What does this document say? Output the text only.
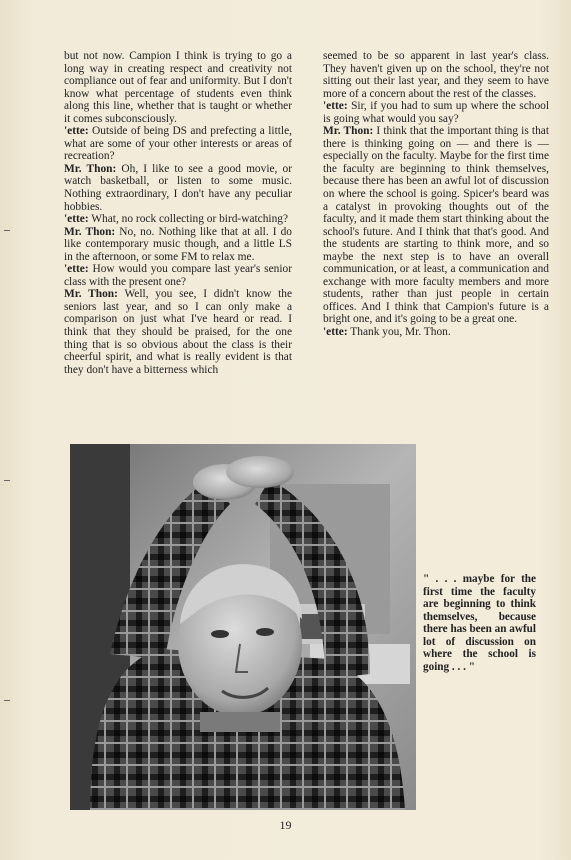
but not now. Campion I think is trying to go a long way in creating respect and creativity not compliance out of fear and uniformity. But I don't know what percentage of students even think along this line, whether that is taught or whether it comes subconsciously.

'ette: Outside of being DS and prefecting a little, what are some of your other interests or areas of recreation?

Mr. Thon: Oh, I like to see a good movie, or watch basketball, or listen to some music. Nothing extraordinary, I don't have any peculiar hobbies.

'ette: What, no rock collecting or bird-watching?

Mr. Thon: No, no. Nothing like that at all. I do like contemporary music though, and a little LS in the afternoon, or some FM to relax me.

'ette: How would you compare last year's senior class with the present one?

Mr. Thon: Well, you see, I didn't know the seniors last year, and so I can only make a comparison on just what I've heard or read. I think that they should be praised, for the one thing that is so obvious about the class is their cheerful spirit, and what is really evident is that they don't have a bitterness which

seemed to be so apparent in last year's class. They haven't given up on the school, they're not sitting out their last year, and they seem to have more of a concern about the rest of the classes.

'ette: Sir, if you had to sum up where the school is going what would you say?

Mr. Thon: I think that the important thing is that there is thinking going on — and there is — especially on the faculty. Maybe for the first time the faculty are beginning to think themselves, because there has been an awful lot of discussion on where the school is going. Spicer's beard was a catalyst in provoking thoughts out of the faculty, and it made them start thinking about the school's future. And I think that that's good. And the students are starting to think more, and so maybe the next step is to have an overall communication, or at least, a communication and exchange with more faculty members and more students, rather than just people in certain offices. And I think that Campion's future is a bright one, and it's going to be a great one.

'ette: Thank you, Mr. Thon.

" . . . maybe for the first time the faculty are beginning to think themselves, because there has been an awful lot of discussion on where the school is going . . . "
19
